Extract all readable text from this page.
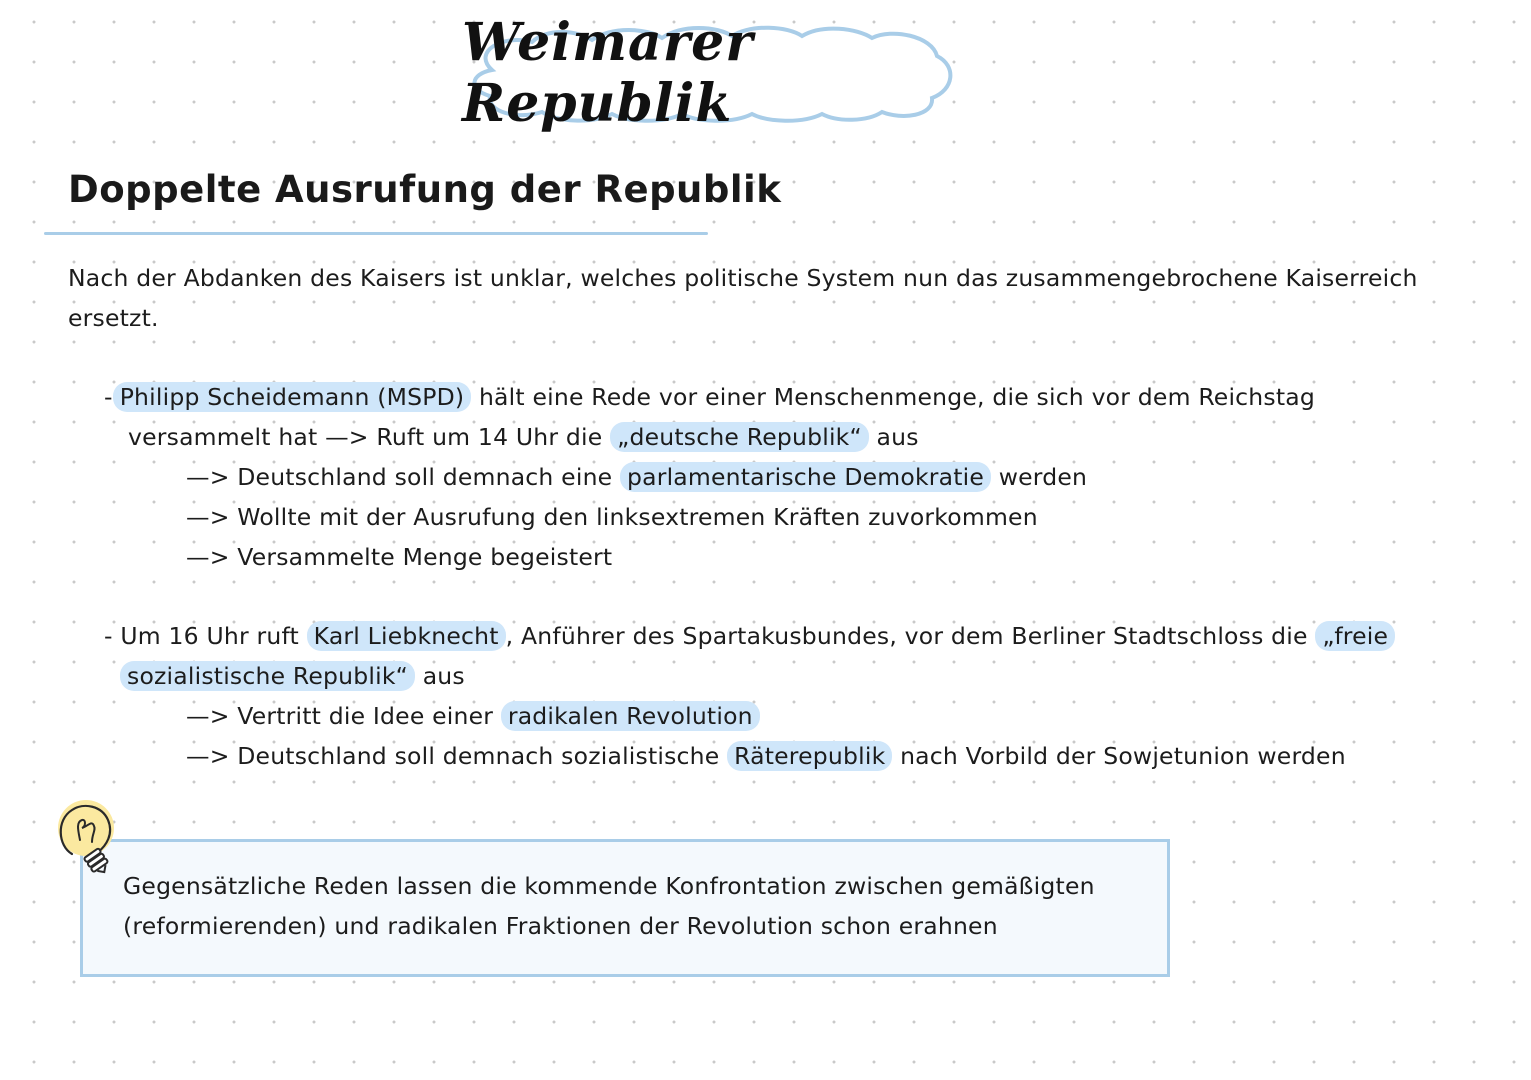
Weimarer Republik
Doppelte Ausrufung der Republik
Nach der Abdanken des Kaisers ist unklar, welches politische System nun das zusammengebrochene Kaiserreich
ersetzt.
- Philipp Scheidemann (MSPD) hält eine Rede vor einer Menschenmenge, die sich vor dem Reichstag
versammelt hat —> Ruft um 14 Uhr die „deutsche Republik“ aus
—> Deutschland soll demnach eine parlamentarische Demokratie werden
—> Wollte mit der Ausrufung den linksextremen Kräften zuvorkommen
—> Versammelte Menge begeistert
- Um 16 Uhr ruft Karl Liebknecht , Anführer des Spartakusbundes, vor dem Berliner Stadtschloss die „freie
sozialistische Republik“ aus
—> Vertritt die Idee einer radikalen Revolution
—> Deutschland soll demnach sozialistische Räterepublik nach Vorbild der Sowjetunion werden
Gegensätzliche Reden lassen die kommende Konfrontation zwischen gemäßigten
(reformierenden) und radikalen Fraktionen der Revolution schon erahnen
